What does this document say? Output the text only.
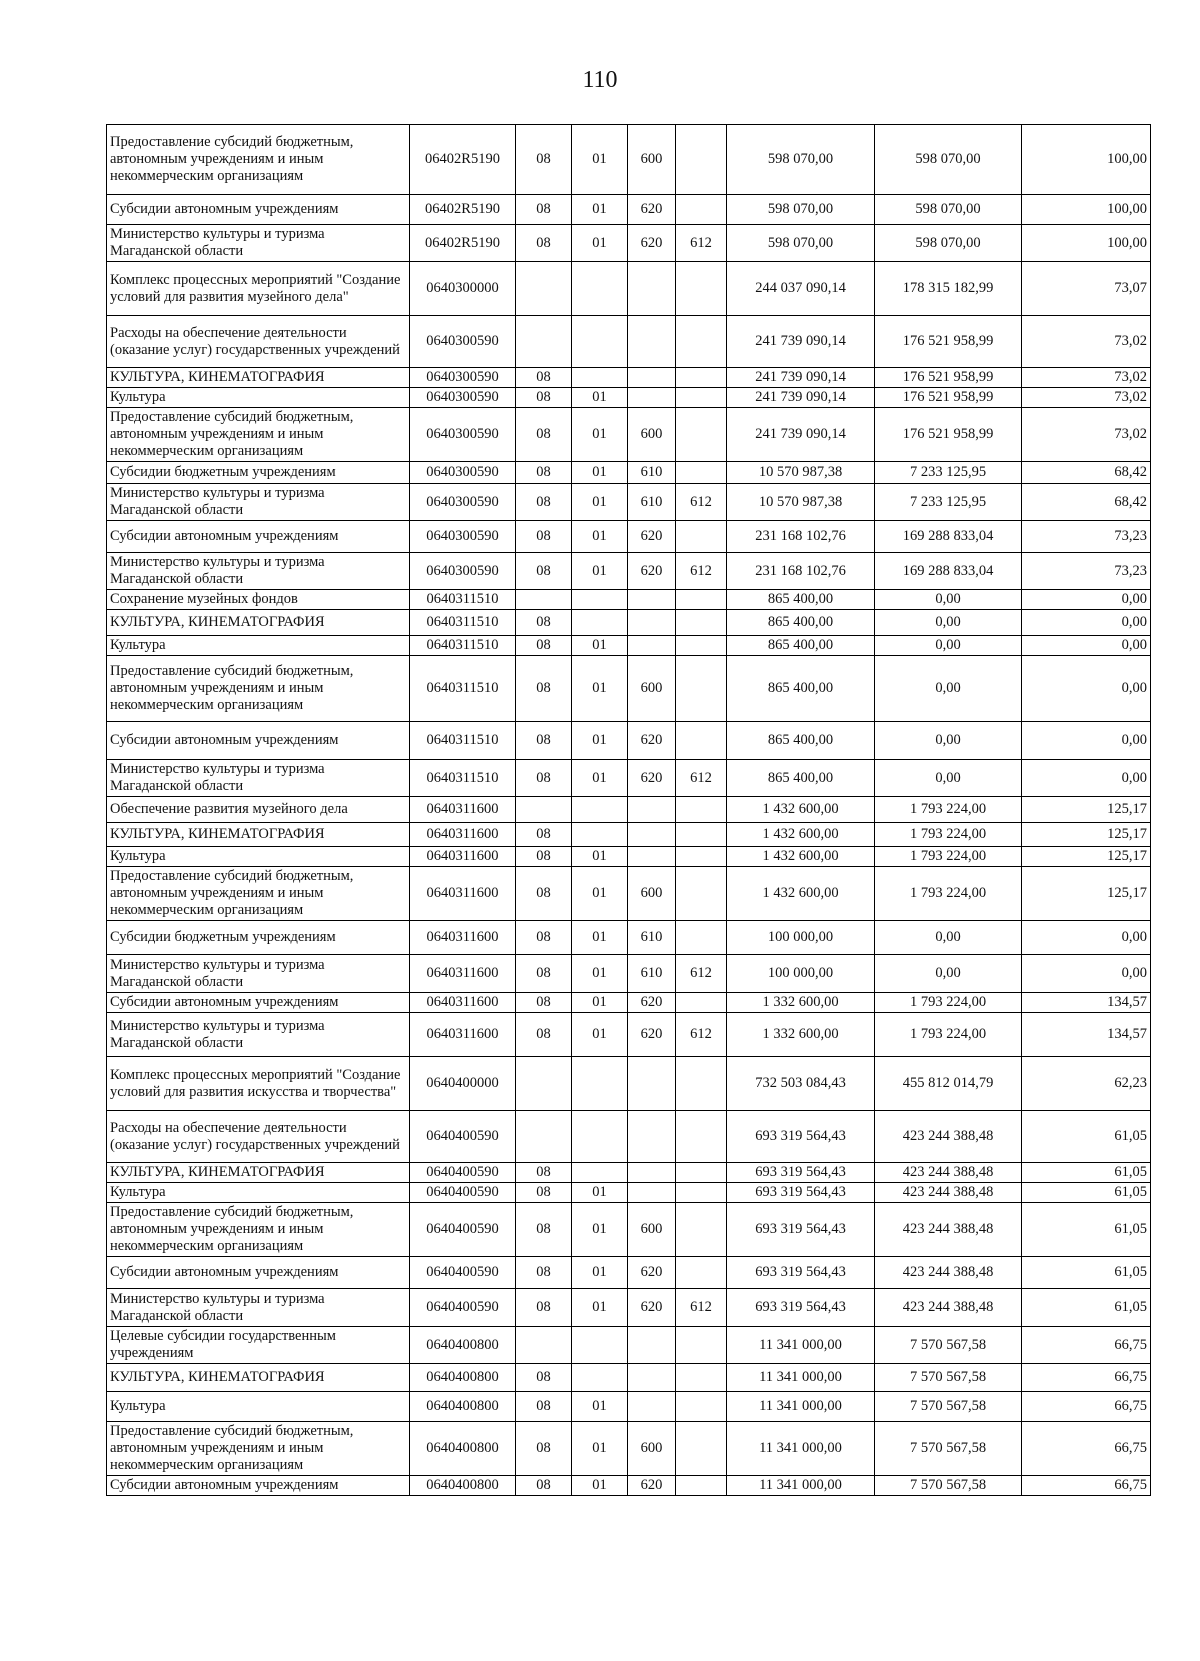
110
Предоставление субсидий бюджетным, автономным учреждениям и иным некоммерческим организациям	06402R5190	08	01	600		598 070,00	598 070,00	100,00
Субсидии автономным учреждениям	06402R5190	08	01	620		598 070,00	598 070,00	100,00
Министерство культуры и туризма Магаданской области	06402R5190	08	01	620	612	598 070,00	598 070,00	100,00
Комплекс процессных мероприятий "Создание условий для развития музейного дела"	0640300000					244 037 090,14	178 315 182,99	73,07
Расходы на обеспечение деятельности (оказание услуг) государственных учреждений	0640300590					241 739 090,14	176 521 958,99	73,02
КУЛЬТУРА, КИНЕМАТОГРАФИЯ	0640300590	08				241 739 090,14	176 521 958,99	73,02
Культура	0640300590	08	01			241 739 090,14	176 521 958,99	73,02
Предоставление субсидий бюджетным, автономным учреждениям и иным некоммерческим организациям	0640300590	08	01	600		241 739 090,14	176 521 958,99	73,02
Субсидии бюджетным учреждениям	0640300590	08	01	610		10 570 987,38	7 233 125,95	68,42
Министерство культуры и туризма Магаданской области	0640300590	08	01	610	612	10 570 987,38	7 233 125,95	68,42
Субсидии автономным учреждениям	0640300590	08	01	620		231 168 102,76	169 288 833,04	73,23
Министерство культуры и туризма Магаданской области	0640300590	08	01	620	612	231 168 102,76	169 288 833,04	73,23
Сохранение музейных фондов	0640311510					865 400,00	0,00	0,00
КУЛЬТУРА, КИНЕМАТОГРАФИЯ	0640311510	08				865 400,00	0,00	0,00
Культура	0640311510	08	01			865 400,00	0,00	0,00
Предоставление субсидий бюджетным, автономным учреждениям и иным некоммерческим организациям	0640311510	08	01	600		865 400,00	0,00	0,00
Субсидии автономным учреждениям	0640311510	08	01	620		865 400,00	0,00	0,00
Министерство культуры и туризма Магаданской области	0640311510	08	01	620	612	865 400,00	0,00	0,00
Обеспечение развития музейного дела	0640311600					1 432 600,00	1 793 224,00	125,17
КУЛЬТУРА, КИНЕМАТОГРАФИЯ	0640311600	08				1 432 600,00	1 793 224,00	125,17
Культура	0640311600	08	01			1 432 600,00	1 793 224,00	125,17
Предоставление субсидий бюджетным, автономным учреждениям и иным некоммерческим организациям	0640311600	08	01	600		1 432 600,00	1 793 224,00	125,17
Субсидии бюджетным учреждениям	0640311600	08	01	610		100 000,00	0,00	0,00
Министерство культуры и туризма Магаданской области	0640311600	08	01	610	612	100 000,00	0,00	0,00
Субсидии автономным учреждениям	0640311600	08	01	620		1 332 600,00	1 793 224,00	134,57
Министерство культуры и туризма Магаданской области	0640311600	08	01	620	612	1 332 600,00	1 793 224,00	134,57
Комплекс процессных мероприятий "Создание условий для развития искусства и творчества"	0640400000					732 503 084,43	455 812 014,79	62,23
Расходы на обеспечение деятельности (оказание услуг) государственных учреждений	0640400590					693 319 564,43	423 244 388,48	61,05
КУЛЬТУРА, КИНЕМАТОГРАФИЯ	0640400590	08				693 319 564,43	423 244 388,48	61,05
Культура	0640400590	08	01			693 319 564,43	423 244 388,48	61,05
Предоставление субсидий бюджетным, автономным учреждениям и иным некоммерческим организациям	0640400590	08	01	600		693 319 564,43	423 244 388,48	61,05
Субсидии автономным учреждениям	0640400590	08	01	620		693 319 564,43	423 244 388,48	61,05
Министерство культуры и туризма Магаданской области	0640400590	08	01	620	612	693 319 564,43	423 244 388,48	61,05
Целевые субсидии государственным учреждениям	0640400800					11 341 000,00	7 570 567,58	66,75
КУЛЬТУРА, КИНЕМАТОГРАФИЯ	0640400800	08				11 341 000,00	7 570 567,58	66,75
Культура	0640400800	08	01			11 341 000,00	7 570 567,58	66,75
Предоставление субсидий бюджетным, автономным учреждениям и иным некоммерческим организациям	0640400800	08	01	600		11 341 000,00	7 570 567,58	66,75
Субсидии автономным учреждениям	0640400800	08	01	620		11 341 000,00	7 570 567,58	66,75
